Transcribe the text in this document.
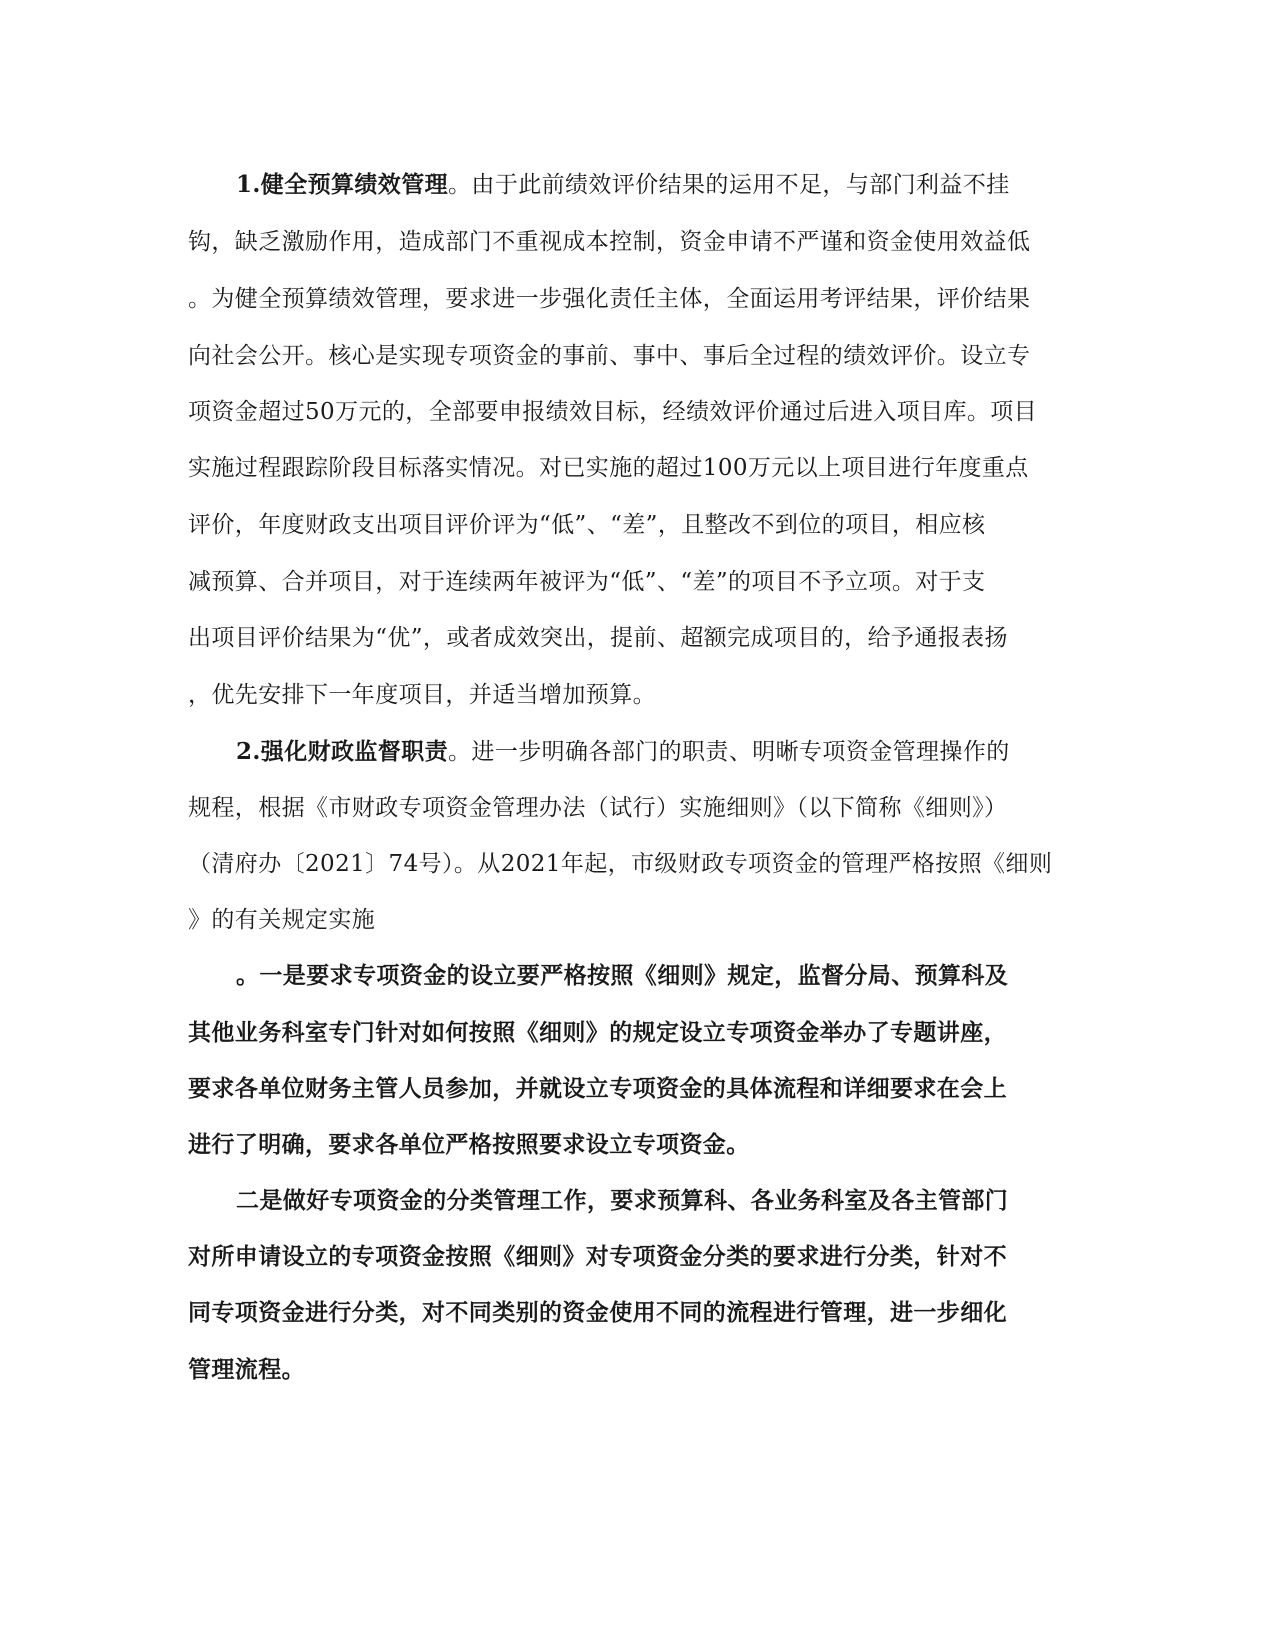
1.健全预算绩效管理。由于此前绩效评价结果的运用不足，与部门利益不挂
钩，缺乏激励作用，造成部门不重视成本控制，资金申请不严谨和资金使用效益低
。为健全预算绩效管理，要求进一步强化责任主体，全面运用考评结果，评价结果
向社会公开。核心是实现专项资金的事前、事中、事后全过程的绩效评价。设立专
项资金超过50万元的，全部要申报绩效目标，经绩效评价通过后进入项目库。项目
实施过程跟踪阶段目标落实情况。对已实施的超过100万元以上项目进行年度重点
评价，年度财政支出项目评价评为“低”、“差”，且整改不到位的项目，相应核
减预算、合并项目，对于连续两年被评为“低”、“差”的项目不予立项。对于支
出项目评价结果为“优”，或者成效突出，提前、超额完成项目的，给予通报表扬
，优先安排下一年度项目，并适当增加预算。
2.强化财政监督职责。进一步明确各部门的职责、明晰专项资金管理操作的
规程，根据《市财政专项资金管理办法（试行）实施细则》（以下简称《细则》）
（清府办〔2021〕74号）。从2021年起，市级财政专项资金的管理严格按照《细则
》的有关规定实施
。一是要求专项资金的设立要严格按照《细则》规定，监督分局、预算科及
其他业务科室专门针对如何按照《细则》的规定设立专项资金举办了专题讲座，
要求各单位财务主管人员参加，并就设立专项资金的具体流程和详细要求在会上
进行了明确，要求各单位严格按照要求设立专项资金。
二是做好专项资金的分类管理工作，要求预算科、各业务科室及各主管部门
对所申请设立的专项资金按照《细则》对专项资金分类的要求进行分类，针对不
同专项资金进行分类，对不同类别的资金使用不同的流程进行管理，进一步细化
管理流程。
